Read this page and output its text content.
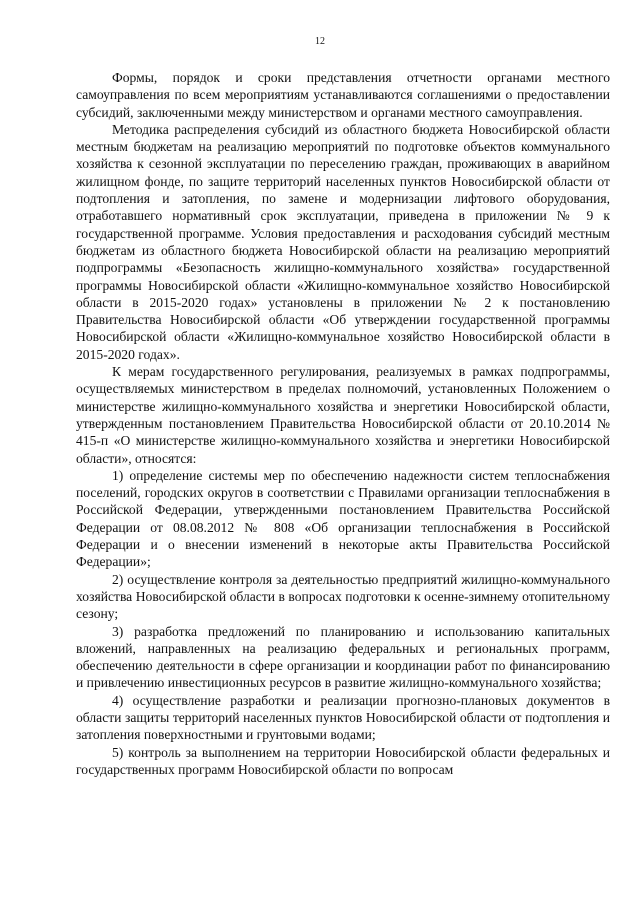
12

Формы, порядок и сроки представления отчетности органами местного самоуправления по всем мероприятиям устанавливаются соглашениями о предоставлении субсидий, заключенными между министерством и органами местного самоуправления.

Методика распределения субсидий из областного бюджета Новосибирской области местным бюджетам на реализацию мероприятий по подготовке объектов коммунального хозяйства к сезонной эксплуатации по переселению граждан, проживающих в аварийном жилищном фонде, по защите территорий населенных пунктов Новосибирской области от подтопления и затопления, по замене и модернизации лифтового оборудования, отработавшего нормативный срок эксплуатации, приведена в приложении № 9 к государственной программе. Условия предоставления и расходования субсидий местным бюджетам из областного бюджета Новосибирской области на реализацию мероприятий подпрограммы «Безопасность жилищно-коммунального хозяйства» государственной программы Новосибирской области «Жилищно-коммунальное хозяйство Новосибирской области в 2015-2020 годах» установлены в приложении № 2 к постановлению Правительства Новосибирской области «Об утверждении государственной программы Новосибирской области «Жилищно-коммунальное хозяйство Новосибирской области в 2015-2020 годах».

К мерам государственного регулирования, реализуемых в рамках подпрограммы, осуществляемых министерством в пределах полномочий, установленных Положением о министерстве жилищно-коммунального хозяйства и энергетики Новосибирской области, утвержденным постановлением Правительства Новосибирской области от 20.10.2014 № 415-п «О министерстве жилищно-коммунального хозяйства и энергетики Новосибирской области», относятся:

1) определение системы мер по обеспечению надежности систем теплоснабжения поселений, городских округов в соответствии с Правилами организации теплоснабжения в Российской Федерации, утвержденными постановлением Правительства Российской Федерации от 08.08.2012 № 808 «Об организации теплоснабжения в Российской Федерации и о внесении изменений в некоторые акты Правительства Российской Федерации»;

2) осуществление контроля за деятельностью предприятий жилищно-коммунального хозяйства Новосибирской области в вопросах подготовки к осенне-зимнему отопительному сезону;

3) разработка предложений по планированию и использованию капитальных вложений, направленных на реализацию федеральных и региональных программ, обеспечению деятельности в сфере организации и координации работ по финансированию и привлечению инвестиционных ресурсов в развитие жилищно-коммунального хозяйства;

4) осуществление разработки и реализации прогнозно-плановых документов в области защиты территорий населенных пунктов Новосибирской области от подтопления и затопления поверхностными и грунтовыми водами;

5) контроль за выполнением на территории Новосибирской области федеральных и государственных программ Новосибирской области по вопросам
